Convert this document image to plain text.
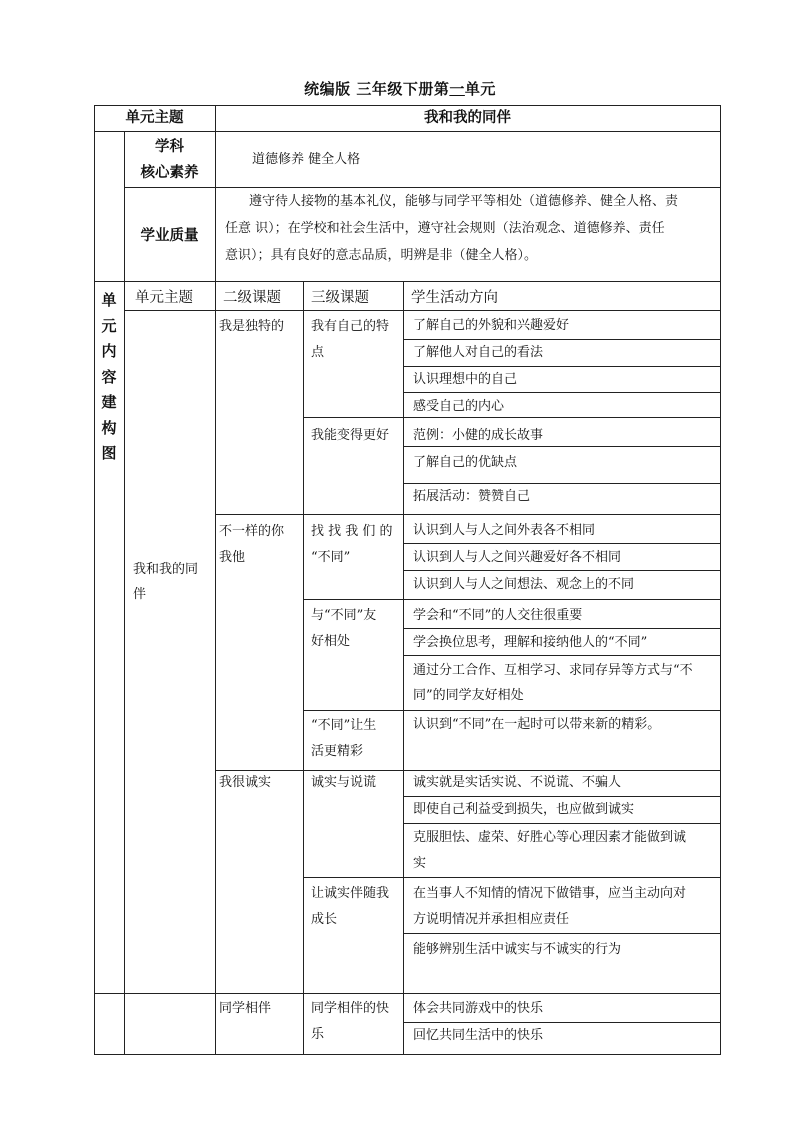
统编版 三年级下册第一单元
单元主题	我和我的同伴
学科
核心素养
道德修养 健全人格
学业质量
遵守待人接物的基本礼仪，能够与同学平等相处（道德修养、健全人格、责
任意 识）；在学校和社会生活中，遵守社会规则（法治观念、道德修养、责任
意识）；具有良好的意志品质，明辨是非（健全人格）。
单元内容建构图
单元主题 二级课题 三级课题	学生活动方向
我和我的同
伴
我是独特的
不一样的你
我他
我很诚实
同学相伴
我有自己的特
点
我能变得更好
找 找 我 们 的
“不同”
与“不同”友
好相处
“不同”让生
活更精彩
诚实与说谎
让诚实伴随我
成长
同学相伴的快
乐
了解自己的外貌和兴趣爱好
了解他人对自己的看法
认识理想中的自己
感受自己的内心
范例：小健的成长故事
了解自己的优缺点
拓展活动：赞赞自己
认识到人与人之间外表各不相同
认识到人与人之间兴趣爱好各不相同
认识到人与人之间想法、观念上的不同
学会和“不同”的人交往很重要
学会换位思考，理解和接纳他人的“不同”
通过分工合作、互相学习、求同存异等方式与“不
同”的同学友好相处
认识到“不同”在一起时可以带来新的精彩。
诚实就是实话实说、不说谎、不骗人
即使自己利益受到损失，也应做到诚实
克服胆怯、虚荣、好胜心等心理因素才能做到诚
实
在当事人不知情的情况下做错事，应当主动向对
方说明情况并承担相应责任
能够辨别生活中诚实与不诚实的行为
体会共同游戏中的快乐
回忆共同生活中的快乐
